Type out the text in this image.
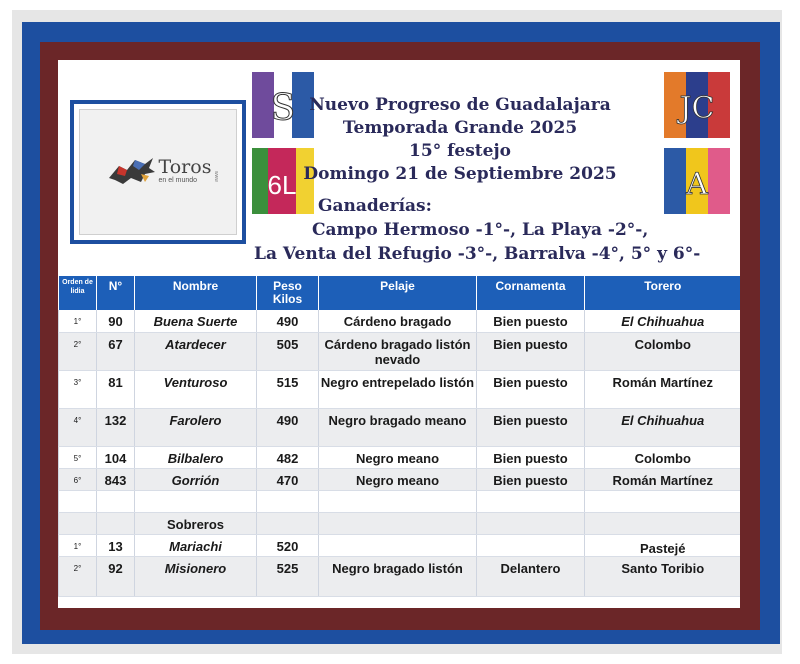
Toros
en el mundo	www
S
6L
JC
A
Nuevo Progreso de Guadalajara
Temporada Grande 2025
15° festejo
Domingo 21 de Septiembre 2025
Ganaderías:
Campo Hermoso -1°-, La Playa -2°-,
La Venta del Refugio -3°-, Barralva -4°, 5° y 6°-
Orden de lidia	N°	Nombre	Peso Kilos	Pelaje	Cornamenta	Torero
1°	90	Buena Suerte	490	Cárdeno bragado	Bien puesto	El Chihuahua
2°	67	Atardecer	505	Cárdeno bragado listón nevado	Bien puesto	Colombo
3°	81	Venturoso	515	Negro entrepelado listón	Bien puesto	Román Martínez
4°	132	Farolero	490	Negro bragado meano	Bien puesto	El Chihuahua
5°	104	Bilbalero	482	Negro meano	Bien puesto	Colombo
6°	843	Gorrión	470	Negro meano	Bien puesto	Román Martínez

		Sobreros				
1°	13	Mariachi	520			Pastejé
2°	92	Misionero	525	Negro bragado listón	Delantero	Santo Toribio
